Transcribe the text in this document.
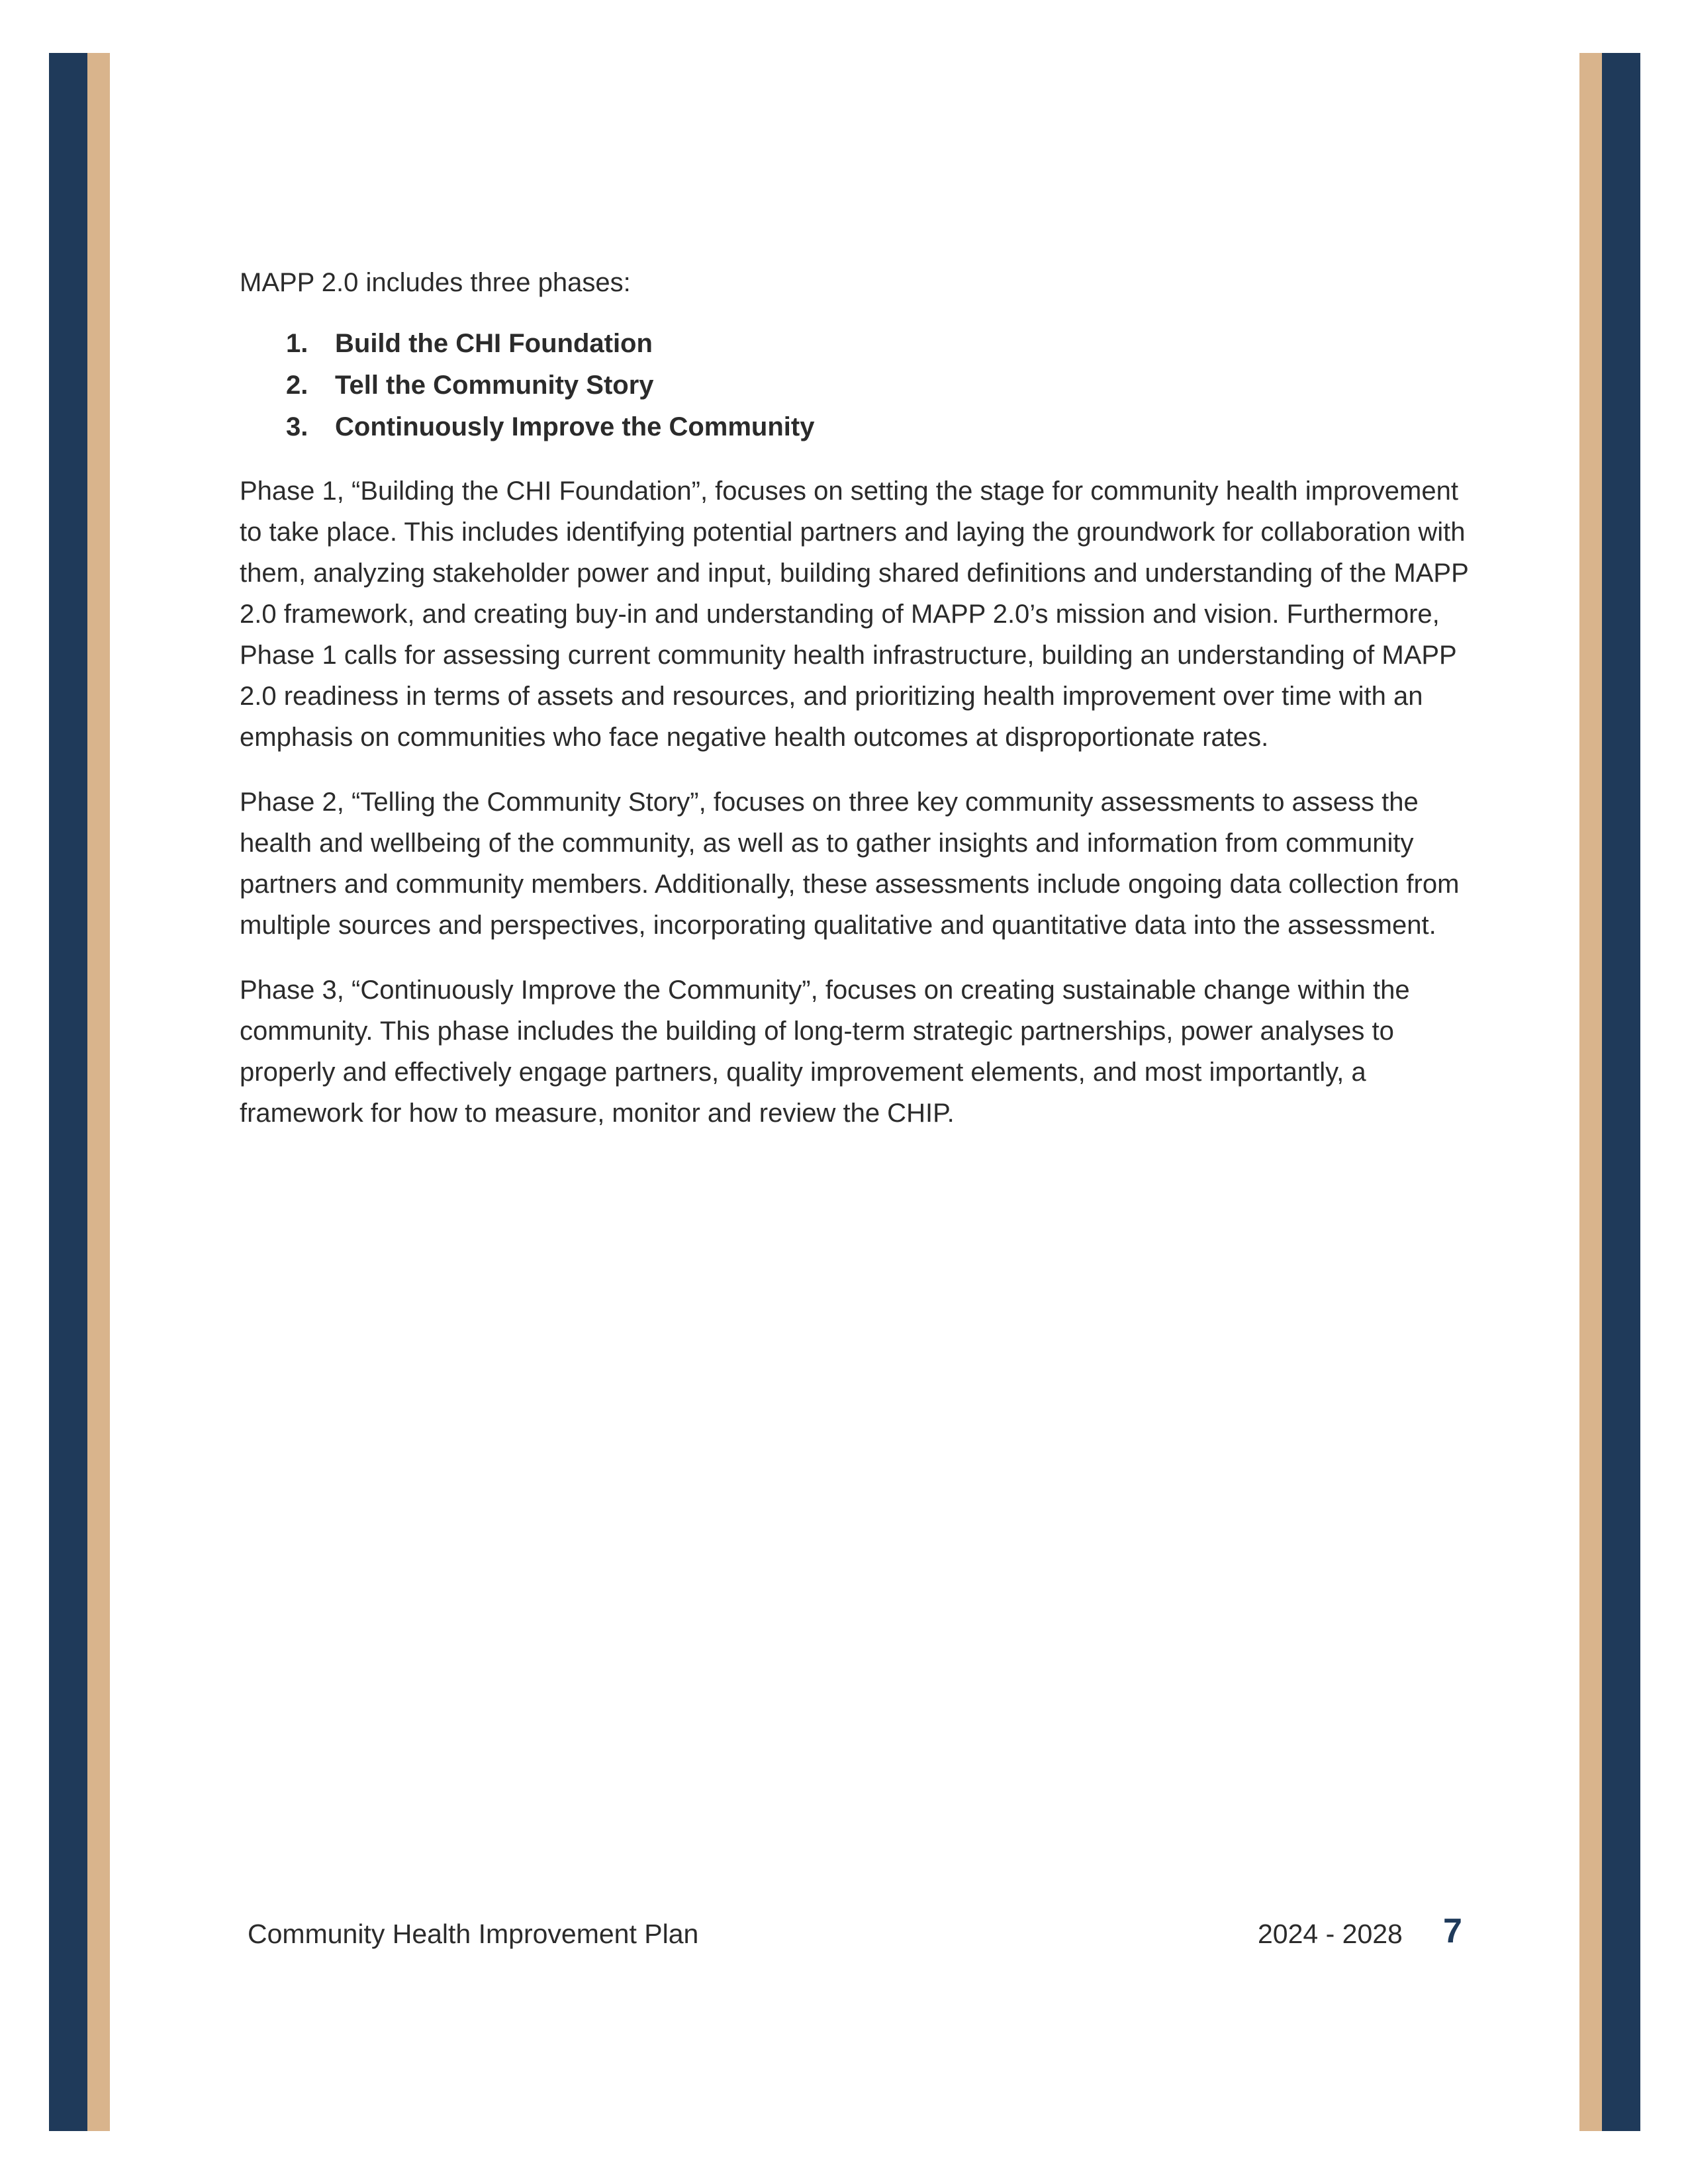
MAPP 2.0 includes three phases:

1. Build the CHI Foundation
2. Tell the Community Story
3. Continuously Improve the Community

Phase 1, “Building the CHI Foundation”, focuses on setting the stage for community health improvement to take place. This includes identifying potential partners and laying the groundwork for collaboration with them, analyzing stakeholder power and input, building shared definitions and understanding of the MAPP 2.0 framework, and creating buy-in and understanding of MAPP 2.0’s mission and vision. Furthermore, Phase 1 calls for assessing current community health infrastructure, building an understanding of MAPP 2.0 readiness in terms of assets and resources, and prioritizing health improvement over time with an emphasis on communities who face negative health outcomes at disproportionate rates.

Phase 2, “Telling the Community Story”, focuses on three key community assessments to assess the health and wellbeing of the community, as well as to gather insights and information from community partners and community members. Additionally, these assessments include ongoing data collection from multiple sources and perspectives, incorporating qualitative and quantitative data into the assessment.

Phase 3, “Continuously Improve the Community”, focuses on creating sustainable change within the community. This phase includes the building of long-term strategic partnerships, power analyses to properly and effectively engage partners, quality improvement elements, and most importantly, a framework for how to measure, monitor and review the CHIP.

Community Health Improvement Plan	2024 - 2028 7
